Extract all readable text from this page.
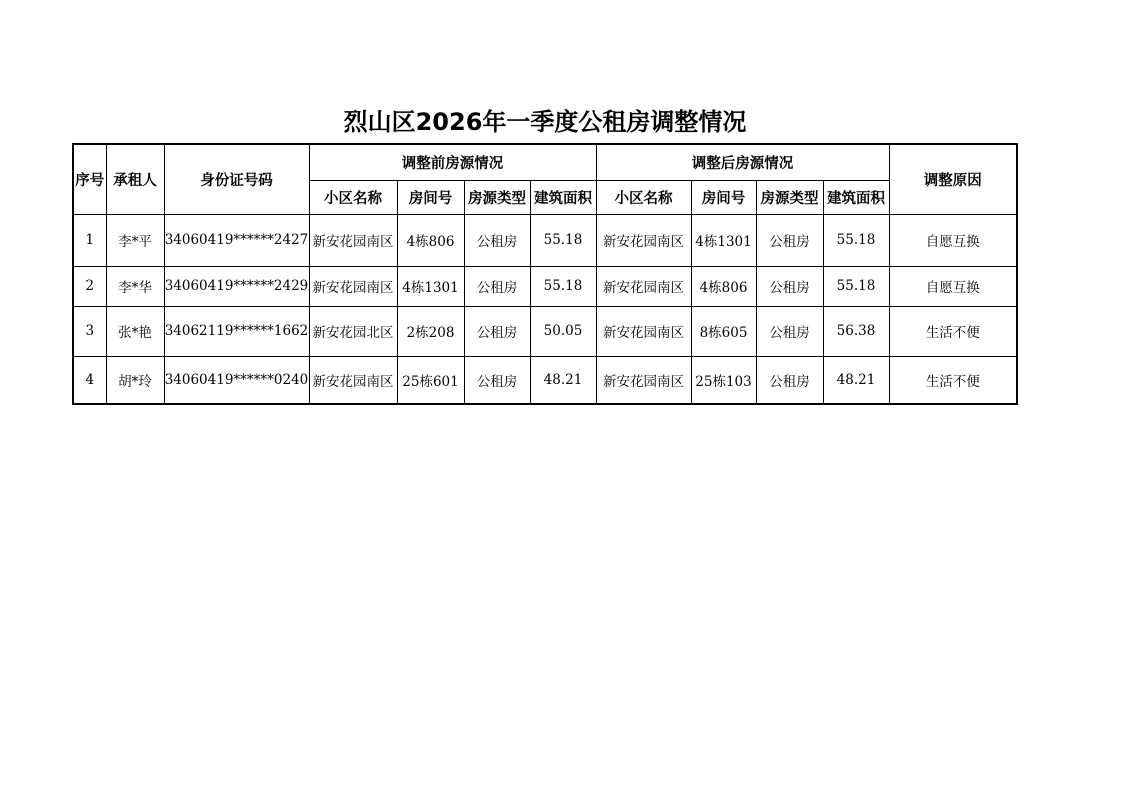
烈山区2026年一季度公租房调整情况
序号	承租人	身份证号码	调整前房源情况				调整后房源情况				调整原因
			小区名称	房间号	房源类型	建筑面积	小区名称	房间号	房源类型	建筑面积	
1	李*平	34060419******2427	新安花园南区	4栋806	公租房	55.18	新安花园南区	4栋1301	公租房	55.18	自愿互换
2	李*华	34060419******2429	新安花园南区	4栋1301	公租房	55.18	新安花园南区	4栋806	公租房	55.18	自愿互换
3	张*艳	34062119******1662	新安花园北区	2栋208	公租房	50.05	新安花园南区	8栋605	公租房	56.38	生活不便
4	胡*玲	34060419******0240	新安花园南区	25栋601	公租房	48.21	新安花园南区	25栋103	公租房	48.21	生活不便
